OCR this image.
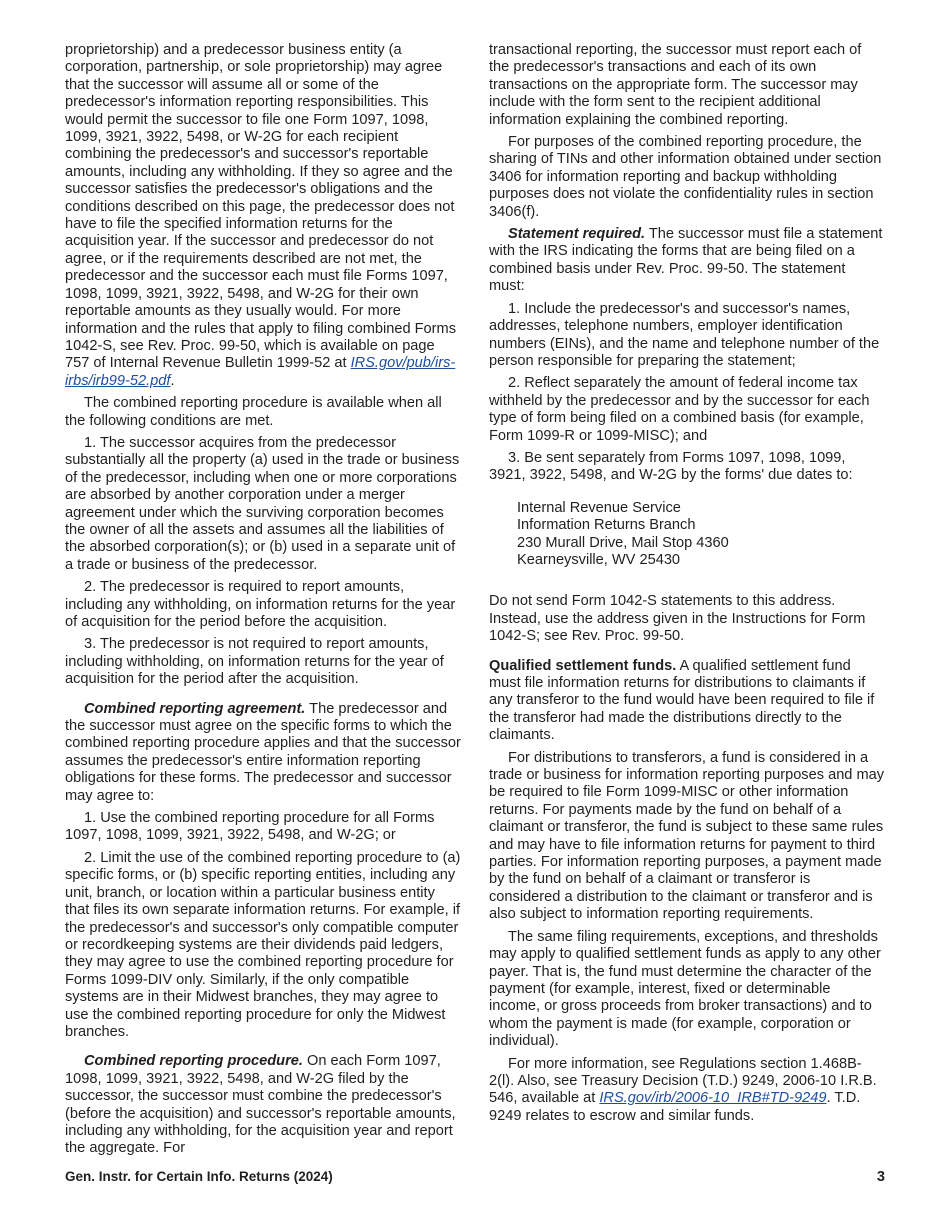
proprietorship) and a predecessor business entity (a corporation, partnership, or sole proprietorship) may agree that the successor will assume all or some of the predecessor's information reporting responsibilities. This would permit the successor to file one Form 1097, 1098, 1099, 3921, 3922, 5498, or W-2G for each recipient combining the predecessor's and successor's reportable amounts, including any withholding. If they so agree and the successor satisfies the predecessor's obligations and the conditions described on this page, the predecessor does not have to file the specified information returns for the acquisition year. If the successor and predecessor do not agree, or if the requirements described are not met, the predecessor and the successor each must file Forms 1097, 1098, 1099, 3921, 3922, 5498, and W-2G for their own reportable amounts as they usually would. For more information and the rules that apply to filing combined Forms 1042-S, see Rev. Proc. 99-50, which is available on page 757 of Internal Revenue Bulletin 1999-52 at IRS.gov/pub/irs-irbs/irb99-52.pdf.

The combined reporting procedure is available when all the following conditions are met.

1. The successor acquires from the predecessor substantially all the property (a) used in the trade or business of the predecessor, including when one or more corporations are absorbed by another corporation under a merger agreement under which the surviving corporation becomes the owner of all the assets and assumes all the liabilities of the absorbed corporation(s); or (b) used in a separate unit of a trade or business of the predecessor.

2. The predecessor is required to report amounts, including any withholding, on information returns for the year of acquisition for the period before the acquisition.

3. The predecessor is not required to report amounts, including withholding, on information returns for the year of acquisition for the period after the acquisition.

Combined reporting agreement. The predecessor and the successor must agree on the specific forms to which the combined reporting procedure applies and that the successor assumes the predecessor's entire information reporting obligations for these forms. The predecessor and successor may agree to:

1. Use the combined reporting procedure for all Forms 1097, 1098, 1099, 3921, 3922, 5498, and W-2G; or

2. Limit the use of the combined reporting procedure to (a) specific forms, or (b) specific reporting entities, including any unit, branch, or location within a particular business entity that files its own separate information returns. For example, if the predecessor's and successor's only compatible computer or recordkeeping systems are their dividends paid ledgers, they may agree to use the combined reporting procedure for Forms 1099-DIV only. Similarly, if the only compatible systems are in their Midwest branches, they may agree to use the combined reporting procedure for only the Midwest branches.

Combined reporting procedure. On each Form 1097, 1098, 1099, 3921, 3922, 5498, and W-2G filed by the successor, the successor must combine the predecessor's (before the acquisition) and successor's reportable amounts, including any withholding, for the acquisition year and report the aggregate. For

transactional reporting, the successor must report each of the predecessor's transactions and each of its own transactions on the appropriate form. The successor may include with the form sent to the recipient additional information explaining the combined reporting.

For purposes of the combined reporting procedure, the sharing of TINs and other information obtained under section 3406 for information reporting and backup withholding purposes does not violate the confidentiality rules in section 3406(f).

Statement required. The successor must file a statement with the IRS indicating the forms that are being filed on a combined basis under Rev. Proc. 99-50. The statement must:

1. Include the predecessor's and successor's names, addresses, telephone numbers, employer identification numbers (EINs), and the name and telephone number of the person responsible for preparing the statement;

2. Reflect separately the amount of federal income tax withheld by the predecessor and by the successor for each type of form being filed on a combined basis (for example, Form 1099-R or 1099-MISC); and

3. Be sent separately from Forms 1097, 1098, 1099, 3921, 3922, 5498, and W-2G by the forms' due dates to:

Internal Revenue Service
Information Returns Branch
230 Murall Drive, Mail Stop 4360
Kearneysville, WV 25430

Do not send Form 1042-S statements to this address. Instead, use the address given in the Instructions for Form 1042-S; see Rev. Proc. 99-50.

Qualified settlement funds. A qualified settlement fund must file information returns for distributions to claimants if any transferor to the fund would have been required to file if the transferor had made the distributions directly to the claimants.

For distributions to transferors, a fund is considered in a trade or business for information reporting purposes and may be required to file Form 1099-MISC or other information returns. For payments made by the fund on behalf of a claimant or transferor, the fund is subject to these same rules and may have to file information returns for payment to third parties. For information reporting purposes, a payment made by the fund on behalf of a claimant or transferor is considered a distribution to the claimant or transferor and is also subject to information reporting requirements.

The same filing requirements, exceptions, and thresholds may apply to qualified settlement funds as apply to any other payer. That is, the fund must determine the character of the payment (for example, interest, fixed or determinable income, or gross proceeds from broker transactions) and to whom the payment is made (for example, corporation or individual).

For more information, see Regulations section 1.468B-2(l). Also, see Treasury Decision (T.D.) 9249, 2006-10 I.R.B. 546, available at IRS.gov/irb/2006-10_IRB#TD-9249. T.D. 9249 relates to escrow and similar funds.

Gen. Instr. for Certain Info. Returns (2024)	3
